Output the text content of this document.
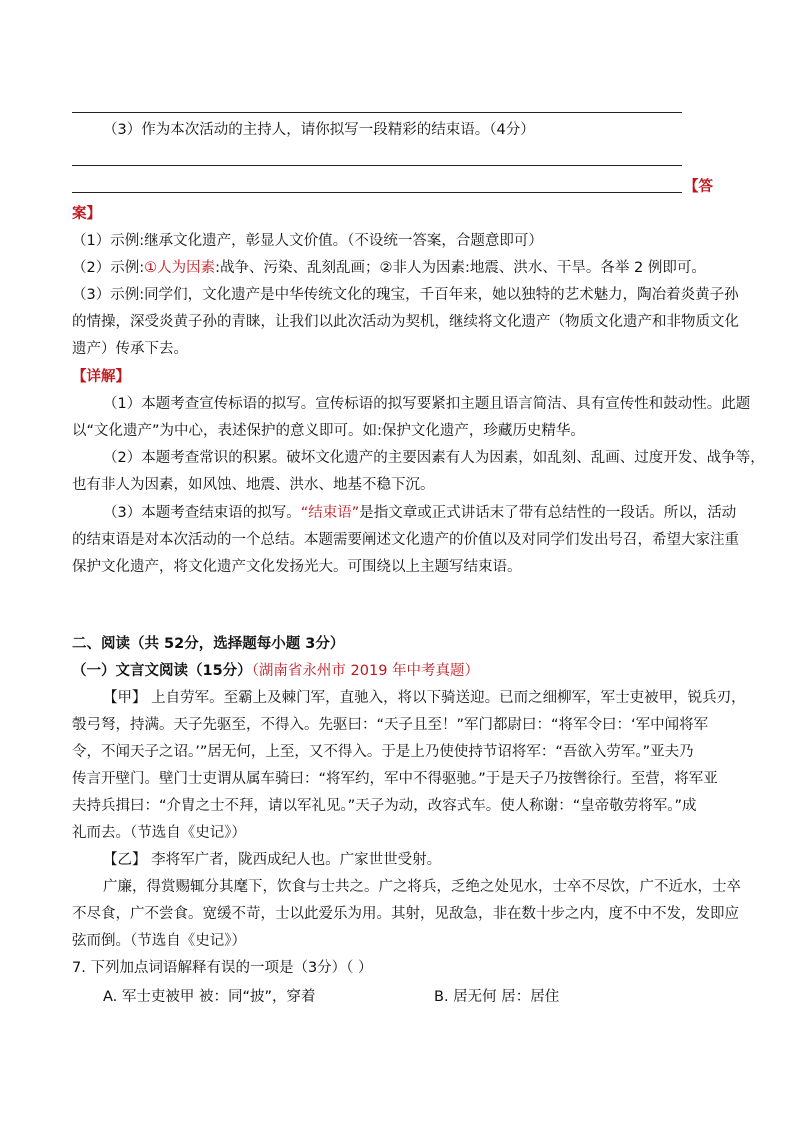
（3）作为本次活动的主持人，请你拟写一段精彩的结束语。（4分）
【答
案】
（1）示例:继承文化遗产，彰显人文价值。（不设统一答案，合题意即可）
（2）示例:①人为因素:战争、污染、乱刻乱画；②非人为因素:地震、洪水、干旱。各举 2 例即可。
（3）示例:同学们，文化遗产是中华传统文化的瑰宝，千百年来，她以独特的艺术魅力，陶冶着炎黄子孙
的情操，深受炎黄子孙的青睐，让我们以此次活动为契机，继续将文化遗产（物质文化遗产和非物质文化
遗产）传承下去。
【详解】
（1）本题考查宣传标语的拟写。宣传标语的拟写要紧扣主题且语言简洁、具有宣传性和鼓动性。此题
以“文化遗产”为中心，表述保护的意义即可。如:保护文化遗产，珍藏历史精华。
（2）本题考查常识的积累。破坏文化遗产的主要因素有人为因素，如乱刻、乱画、过度开发、战争等，
也有非人为因素，如风蚀、地震、洪水、地基不稳下沉。
（3）本题考查结束语的拟写。“结束语”是指文章或正式讲话末了带有总结性的一段话。所以，活动
的结束语是对本次活动的一个总结。本题需要阐述文化遗产的价值以及对同学们发出号召，希望大家注重
保护文化遗产，将文化遗产文化发扬光大。可围绕以上主题写结束语。
二、阅读（共 52分，选择题每小题 3分）
（一）文言文阅读（15分）（湖南省永州市 2019 年中考真题）
【甲】 上自劳军。至霸上及棘门军，直驰入，将以下骑送迎。已而之细柳军，军士吏被甲，锐兵刃，
彀弓弩，持满。天子先驱至，不得入。先驱曰：“天子且至！”军门都尉曰：“将军令曰：‘军中闻将军
令，不闻天子之诏。’”居无何，上至，又不得入。于是上乃使使持节诏将军：“吾欲入劳军。”亚夫乃
传言开壁门。壁门士吏谓从属车骑曰：“将军约，军中不得驱驰。”于是天子乃按辔徐行。至营，将军亚
夫持兵揖曰：“介胄之士不拜，请以军礼见。”天子为动，改容式车。使人称谢：“皇帝敬劳将军。”成
礼而去。（节选自《史记》）
【乙】 李将军广者，陇西成纪人也。广家世世受射。
广廉，得赏赐辄分其麾下，饮食与士共之。广之将兵，乏绝之处见水，士卒不尽饮，广不近水，士卒
不尽食，广不尝食。宽缓不苛，士以此爱乐为用。其射，见敌急，非在数十步之内，度不中不发，发即应
弦而倒。（节选自《史记》）
7. 下列加点词语解释有误的一项是（3分）（ ）
A. 军士吏被甲 被：同“披”，穿着	B. 居无何 居：居住
